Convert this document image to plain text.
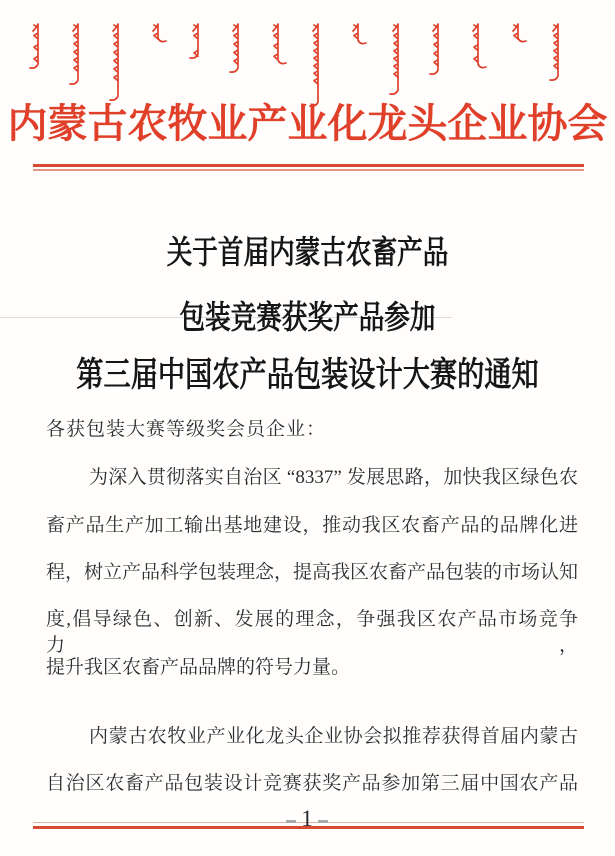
内蒙古农牧业产业化龙头企业协会
关于首届内蒙古农畜产品
包装竞赛获奖产品参加
第三届中国农产品包装设计大赛的通知
各获包装大赛等级奖会员企业：
为深入贯彻落实自治区 “8337” 发展思路，加快我区绿色农
畜产品生产加工输出基地建设，推动我区农畜产品的品牌化进
程，树立产品科学包装理念，提高我区农畜产品包装的市场认知
度,倡导绿色、创新、发展的理念，争强我区农产品市场竞争力，
提升我区农畜产品品牌的符号力量。
内蒙古农牧业产业化龙头企业协会拟推荐获得首届内蒙古
自治区农畜产品包装设计竞赛获奖产品参加第三届中国农产品
1
